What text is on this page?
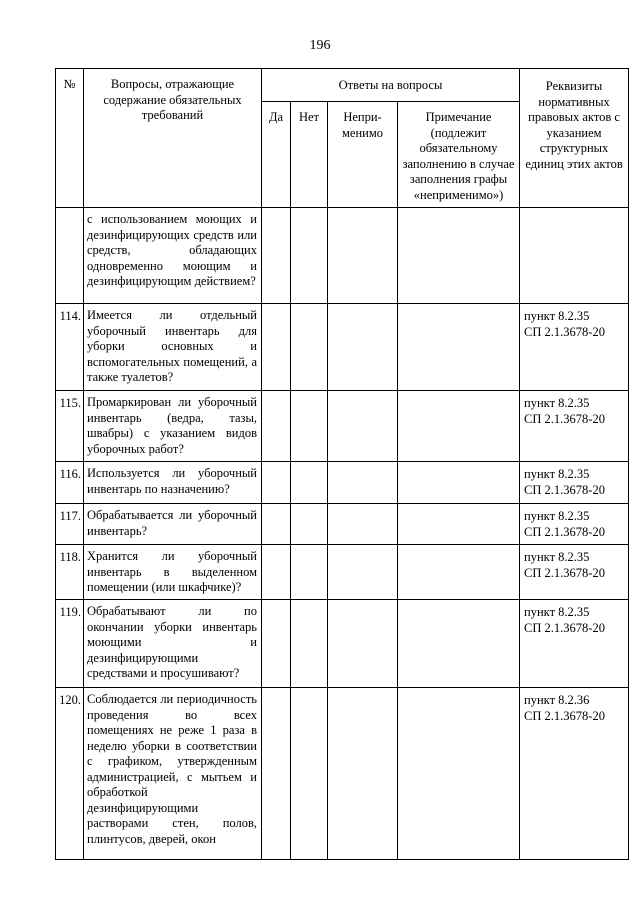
196
№	Вопросы, отражающие содержание обязательных требований	Ответы на вопросы				Реквизиты нормативных правовых актов с указанием структурных единиц этих актов
		Да	Нет	Непри-менимо	Примечание (подлежит обязательному заполнению в случае заполнения графы «неприменимо»)	
	с использованием моющих и дезинфицирующих средств или средств, обладающих одновременно моющим и дезинфицирующим действием?					

114.	Имеется ли отдельный уборочный инвентарь для уборки основных и вспомогательных помещений, а также туалетов?					пункт 8.2.35
СП 2.1.3678-20

115.	Промаркирован ли уборочный инвентарь (ведра, тазы, швабры) с указанием видов уборочных работ?					пункт 8.2.35
СП 2.1.3678-20

116.	Используется ли уборочный инвентарь по назначению?					пункт 8.2.35
СП 2.1.3678-20

117.	Обрабатывается ли уборочный инвентарь?					пункт 8.2.35
СП 2.1.3678-20

118.	Хранится ли уборочный инвентарь в выделенном помещении (или шкафчике)?					пункт 8.2.35
СП 2.1.3678-20

119.	Обрабатывают ли по окончании уборки инвентарь моющими и дезинфицирующими средствами и просушивают?					пункт 8.2.35
СП 2.1.3678-20

120.	Соблюдается ли периодичность проведения во всех помещениях не реже 1 раза в неделю уборки в соответствии с графиком, утвержденным администрацией, с мытьем и обработкой дезинфицирующими растворами стен, полов, плинтусов, дверей, окон					пункт 8.2.36
СП 2.1.3678-20
